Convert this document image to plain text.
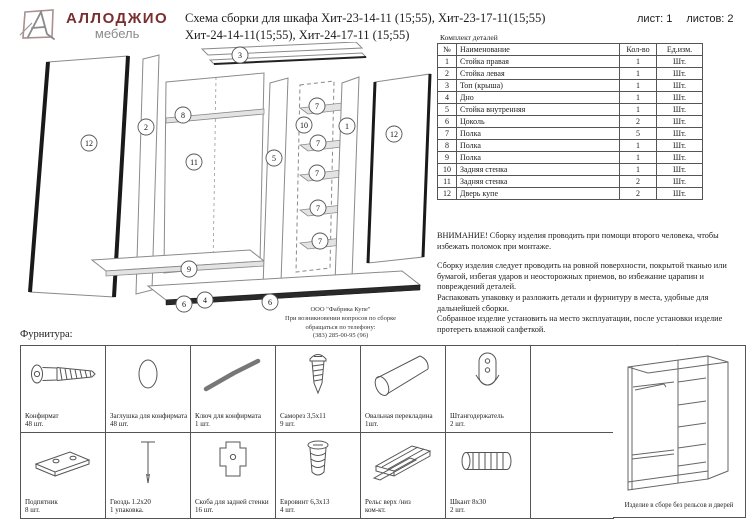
АЛЛОДЖИО
мебель
Схема сборки для шкафа Хит-23-14-11 (15;55), Хит-23-17-11(15;55)
Хит-24-14-11(15;55), Хит-24-17-11 (15;55)
лист: 1 листов: 2
Комплект деталей
№	Наименование	Кол-во	Ед.изм.
1	Стойка правая	1	Шт.
2	Стойка левая	1	Шт.
3	Топ (крыша)	1	Шт.
4	Дно	1	Шт.
5	Стойка внутренняя	1	Шт.
6	Цоколь	2	Шт.
7	Полка	5	Шт.
8	Полка	1	Шт.
9	Полка	1	Шт.
10	Задняя стенка	1	Шт.
11	Задняя стенка	2	Шт.
12	Дверь купе	2	Шт.
ВНИМАНИЕ! Сборку изделия проводить при помощи второго человека, чтобы избежать поломок при монтаже.
Сборку изделия следует проводить на ровной поверхности, покрытой тканью или бумагой, избегая ударов и неосторожных приемов, во избежание царапин и повреждений деталей.
Распаковать упаковку и разложить детали и фурнитуру в места, удобные для дальнейшей сборки.
Собранное изделие установить на место эксплуатации, после установки изделие протереть влажной салфеткой.
ООО "Фабрика Купе"
При возникновении вопросов по сборке
обращаться по телефону:
(383) 285-00-95 (96)
12
2
8
11
9
3
5
10
7
7
7
7
7
1
12
4
6	6
Фурнитура:
Конфирмат
48 шт.
Заглушка для конфирмата
48 шт.
Ключ для конфирмата
1 шт.
Саморез 3,5х11
9 шт.
Овальная перекладина
1шт.
Штангодержатель
2 шт.
Подпятник
8 шт.
Гвоздь 1.2х20
1 упаковка.
Скоба для задней стенки
16 шт.
Евровинт 6,3х13
4 шт.
Рельс верх /низ
ком-кт.
Шкант 8х30
2 шт.
Изделие в сборе без рельсов и дверей
